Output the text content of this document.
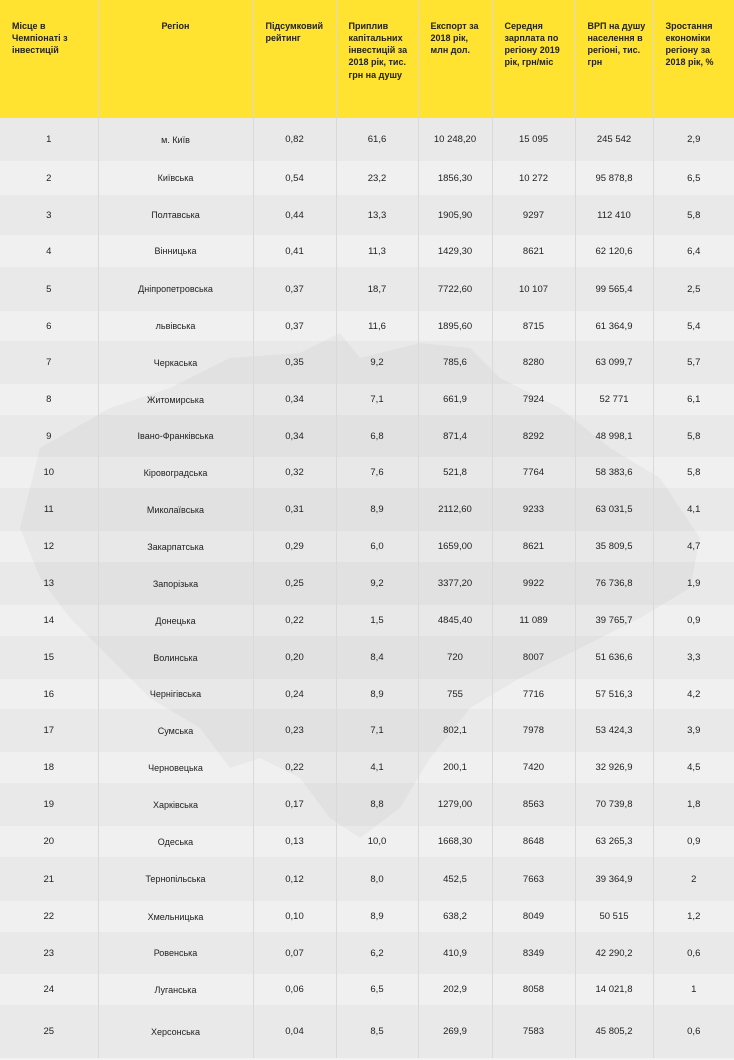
Місце в Чемпіонаті з інвестицій	Регіон	Підсумковий рейтинг	Приплив капітальних інвестицій за 2018 рік, тис. грн на душу	Експорт за 2018 рік, млн дол.	Середня зарплата по регіону 2019 рік, грн/міс	ВРП на душу населення в регіоні, тис. грн	Зростання економіки регіону за 2018 рік, %
1	м. Київ	0,82	61,6	10 248,20	15 095	245 542	2,9
2	Київська	0,54	23,2	1856,30	10 272	95 878,8	6,5
3	Полтавська	0,44	13,3	1905,90	9297	112 410	5,8
4	Вінницька	0,41	11,3	1429,30	8621	62 120,6	6,4
5	Дніпропетровська	0,37	18,7	7722,60	10 107	99 565,4	2,5
6	львівська	0,37	11,6	1895,60	8715	61 364,9	5,4
7	Черкаська	0,35	9,2	785,6	8280	63 099,7	5,7
8	Житомирська	0,34	7,1	661,9	7924	52 771	6,1
9	Івано-Франківська	0,34	6,8	871,4	8292	48 998,1	5,8
10	Кіровоградська	0,32	7,6	521,8	7764	58 383,6	5,8
11	Миколаївська	0,31	8,9	2112,60	9233	63 031,5	4,1
12	Закарпатська	0,29	6,0	1659,00	8621	35 809,5	4,7
13	Запорізька	0,25	9,2	3377,20	9922	76 736,8	1,9
14	Донецька	0,22	1,5	4845,40	11 089	39 765,7	0,9
15	Волинська	0,20	8,4	720	8007	51 636,6	3,3
16	Чернігівська	0,24	8,9	755	7716	57 516,3	4,2
17	Сумська	0,23	7,1	802,1	7978	53 424,3	3,9
18	Черновецька	0,22	4,1	200,1	7420	32 926,9	4,5
19	Харківська	0,17	8,8	1279,00	8563	70 739,8	1,8
20	Одеська	0,13	10,0	1668,30	8648	63 265,3	0,9
21	Тернопільська	0,12	8,0	452,5	7663	39 364,9	2
22	Хмельницька	0,10	8,9	638,2	8049	50 515	1,2
23	Ровенська	0,07	6,2	410,9	8349	42 290,2	0,6
24	Луганська	0,06	6,5	202,9	8058	14 021,8	1
25	Херсонська	0,04	8,5	269,9	7583	45 805,2	0,6
